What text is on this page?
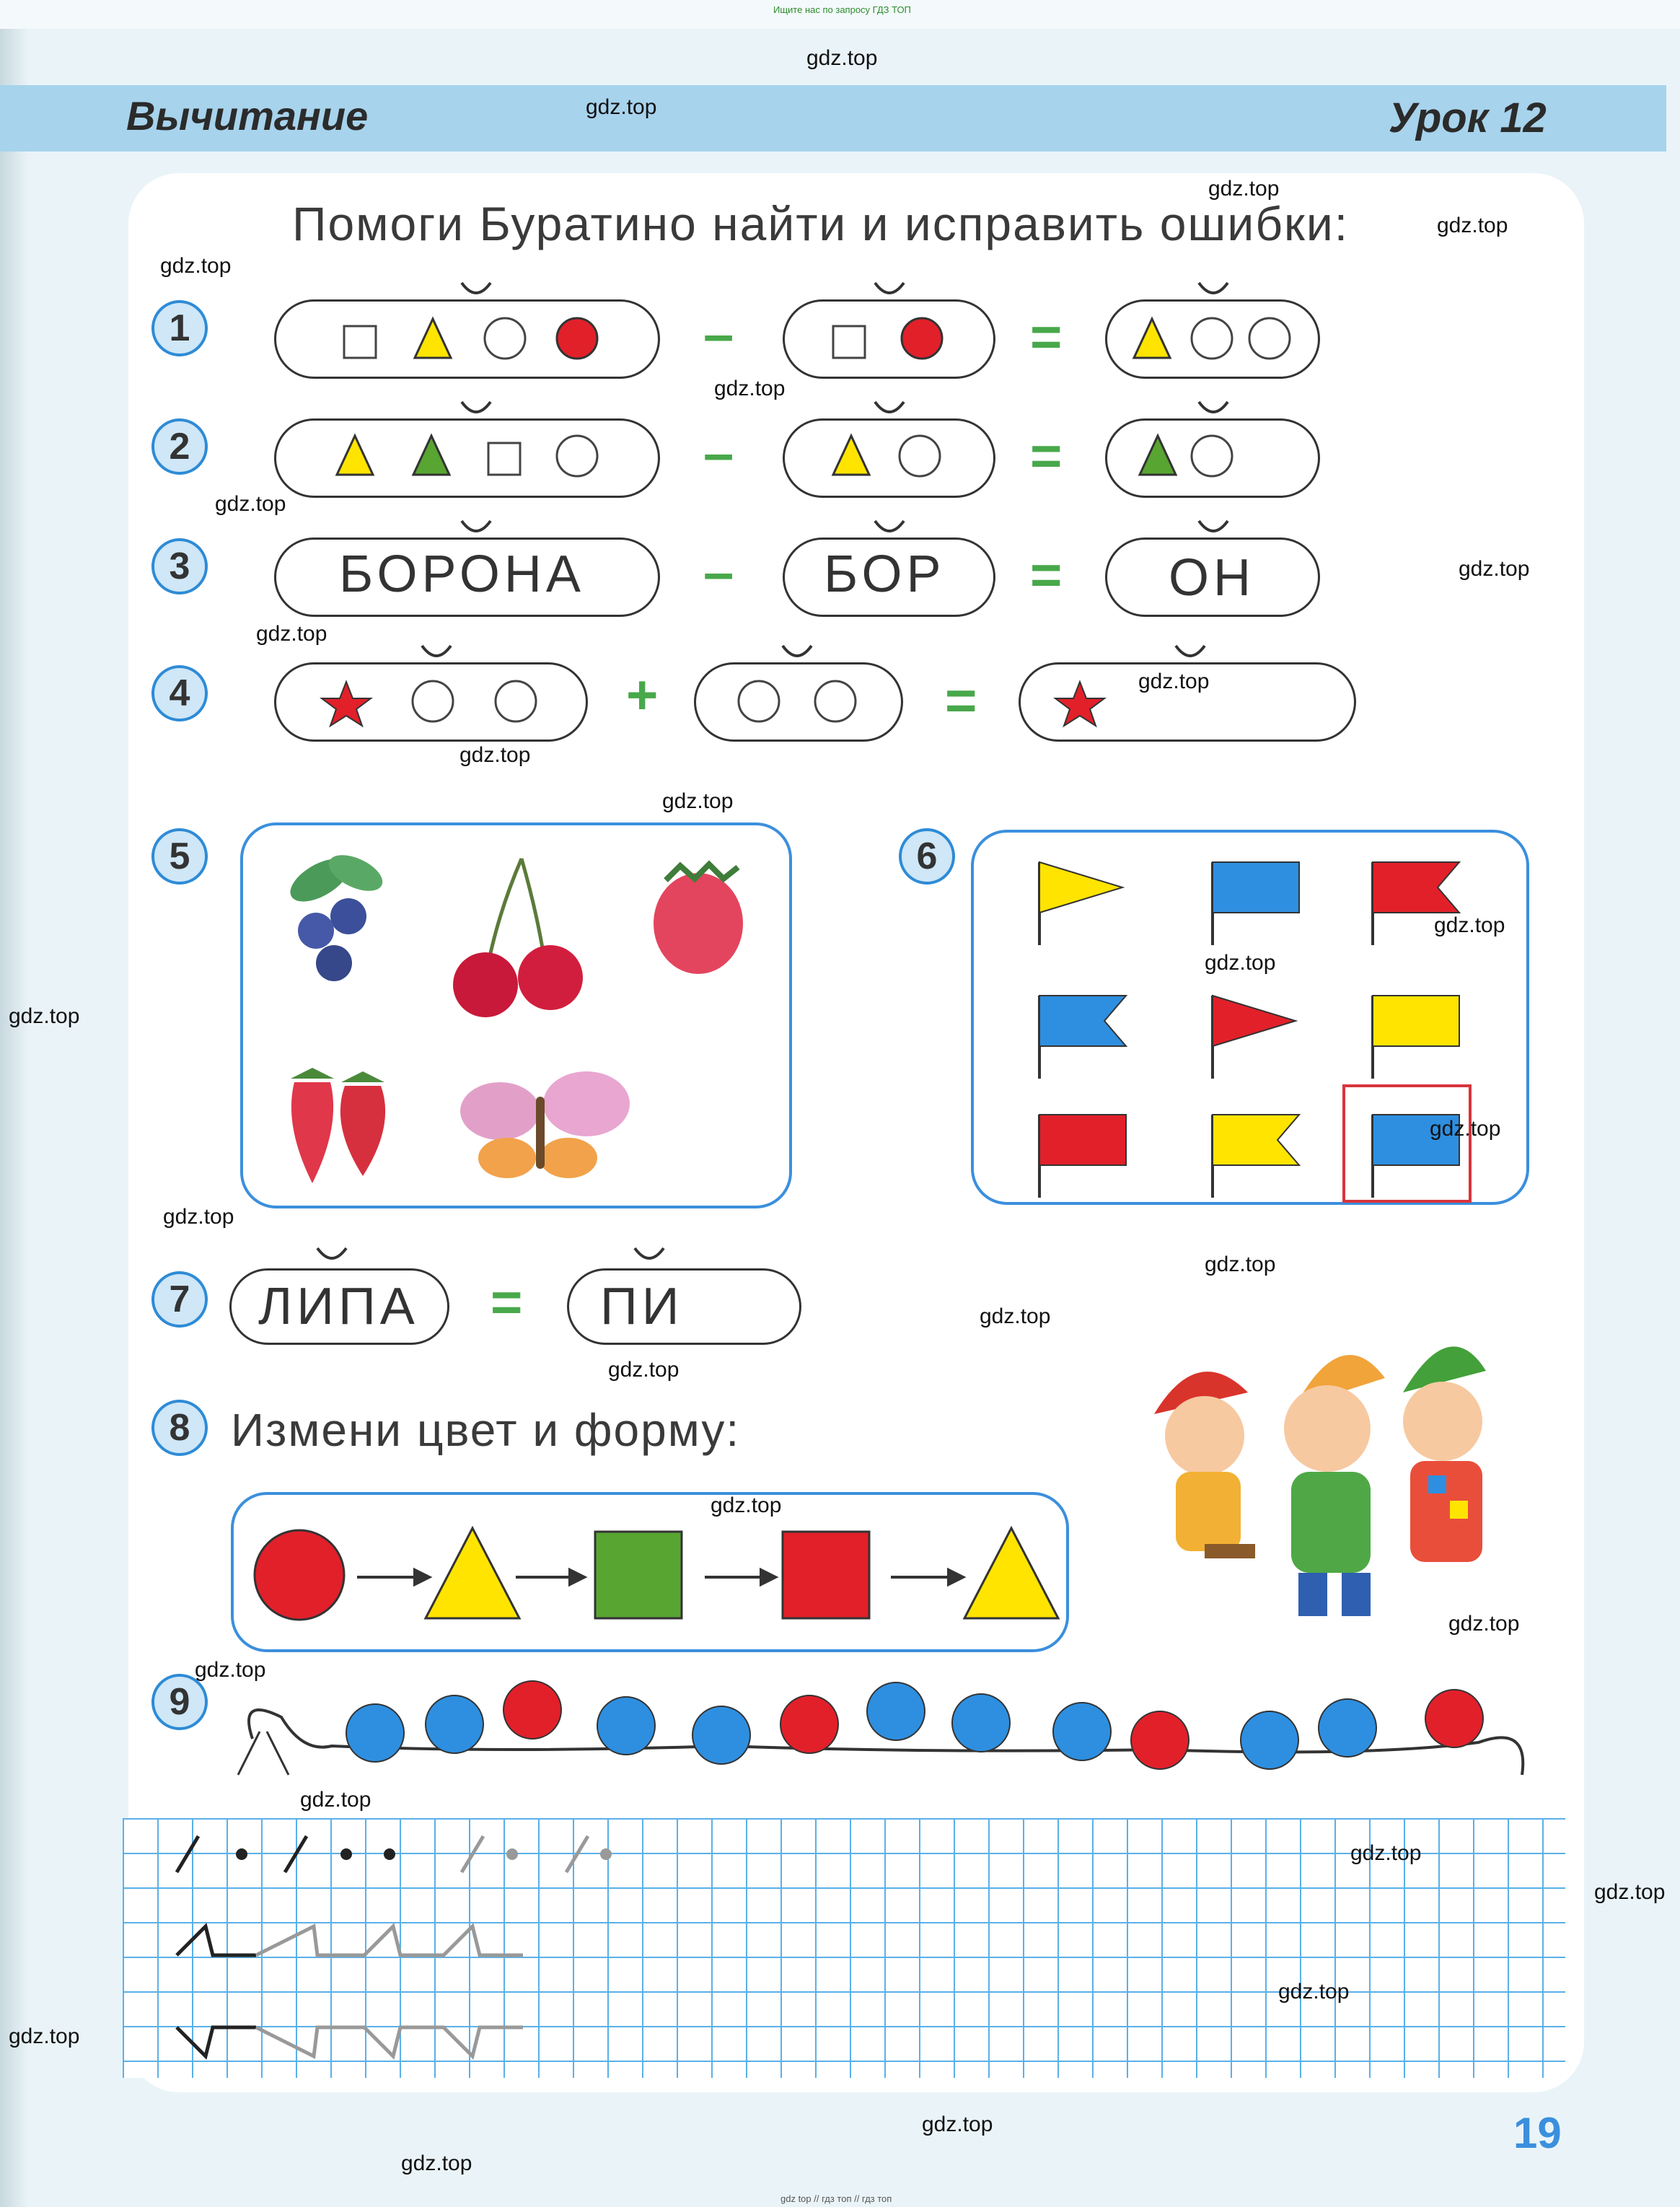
Ищите нас по запросу ГДЗ ТОП
Вычитание	Урок 12
Помоги Буратино найти и исправить ошибки:
1
2
3
4
5	6
7
8
9
–	=
–	=
БОРОНА – БОР = ОН
+	=
ЛИПА = ПИ
Измени цвет и форму:
19
gdz.top
gdz.top
gdz.top
gdz.top
gdz.top
gdz.top
gdz.top
gdz.top
gdz.top
gdz.top
gdz.top
gdz.top
gdz.top
gdz.top
gdz.top
gdz.top
gdz.top
gdz.top
gdz.top
gdz.top
gdz.top
gdz.top
gdz.top
gdz.top
gdz.top
gdz.top
gdz.top
gdz.top
gdz.top
gdz.top
gdz top // гдз топ // гдз топ
